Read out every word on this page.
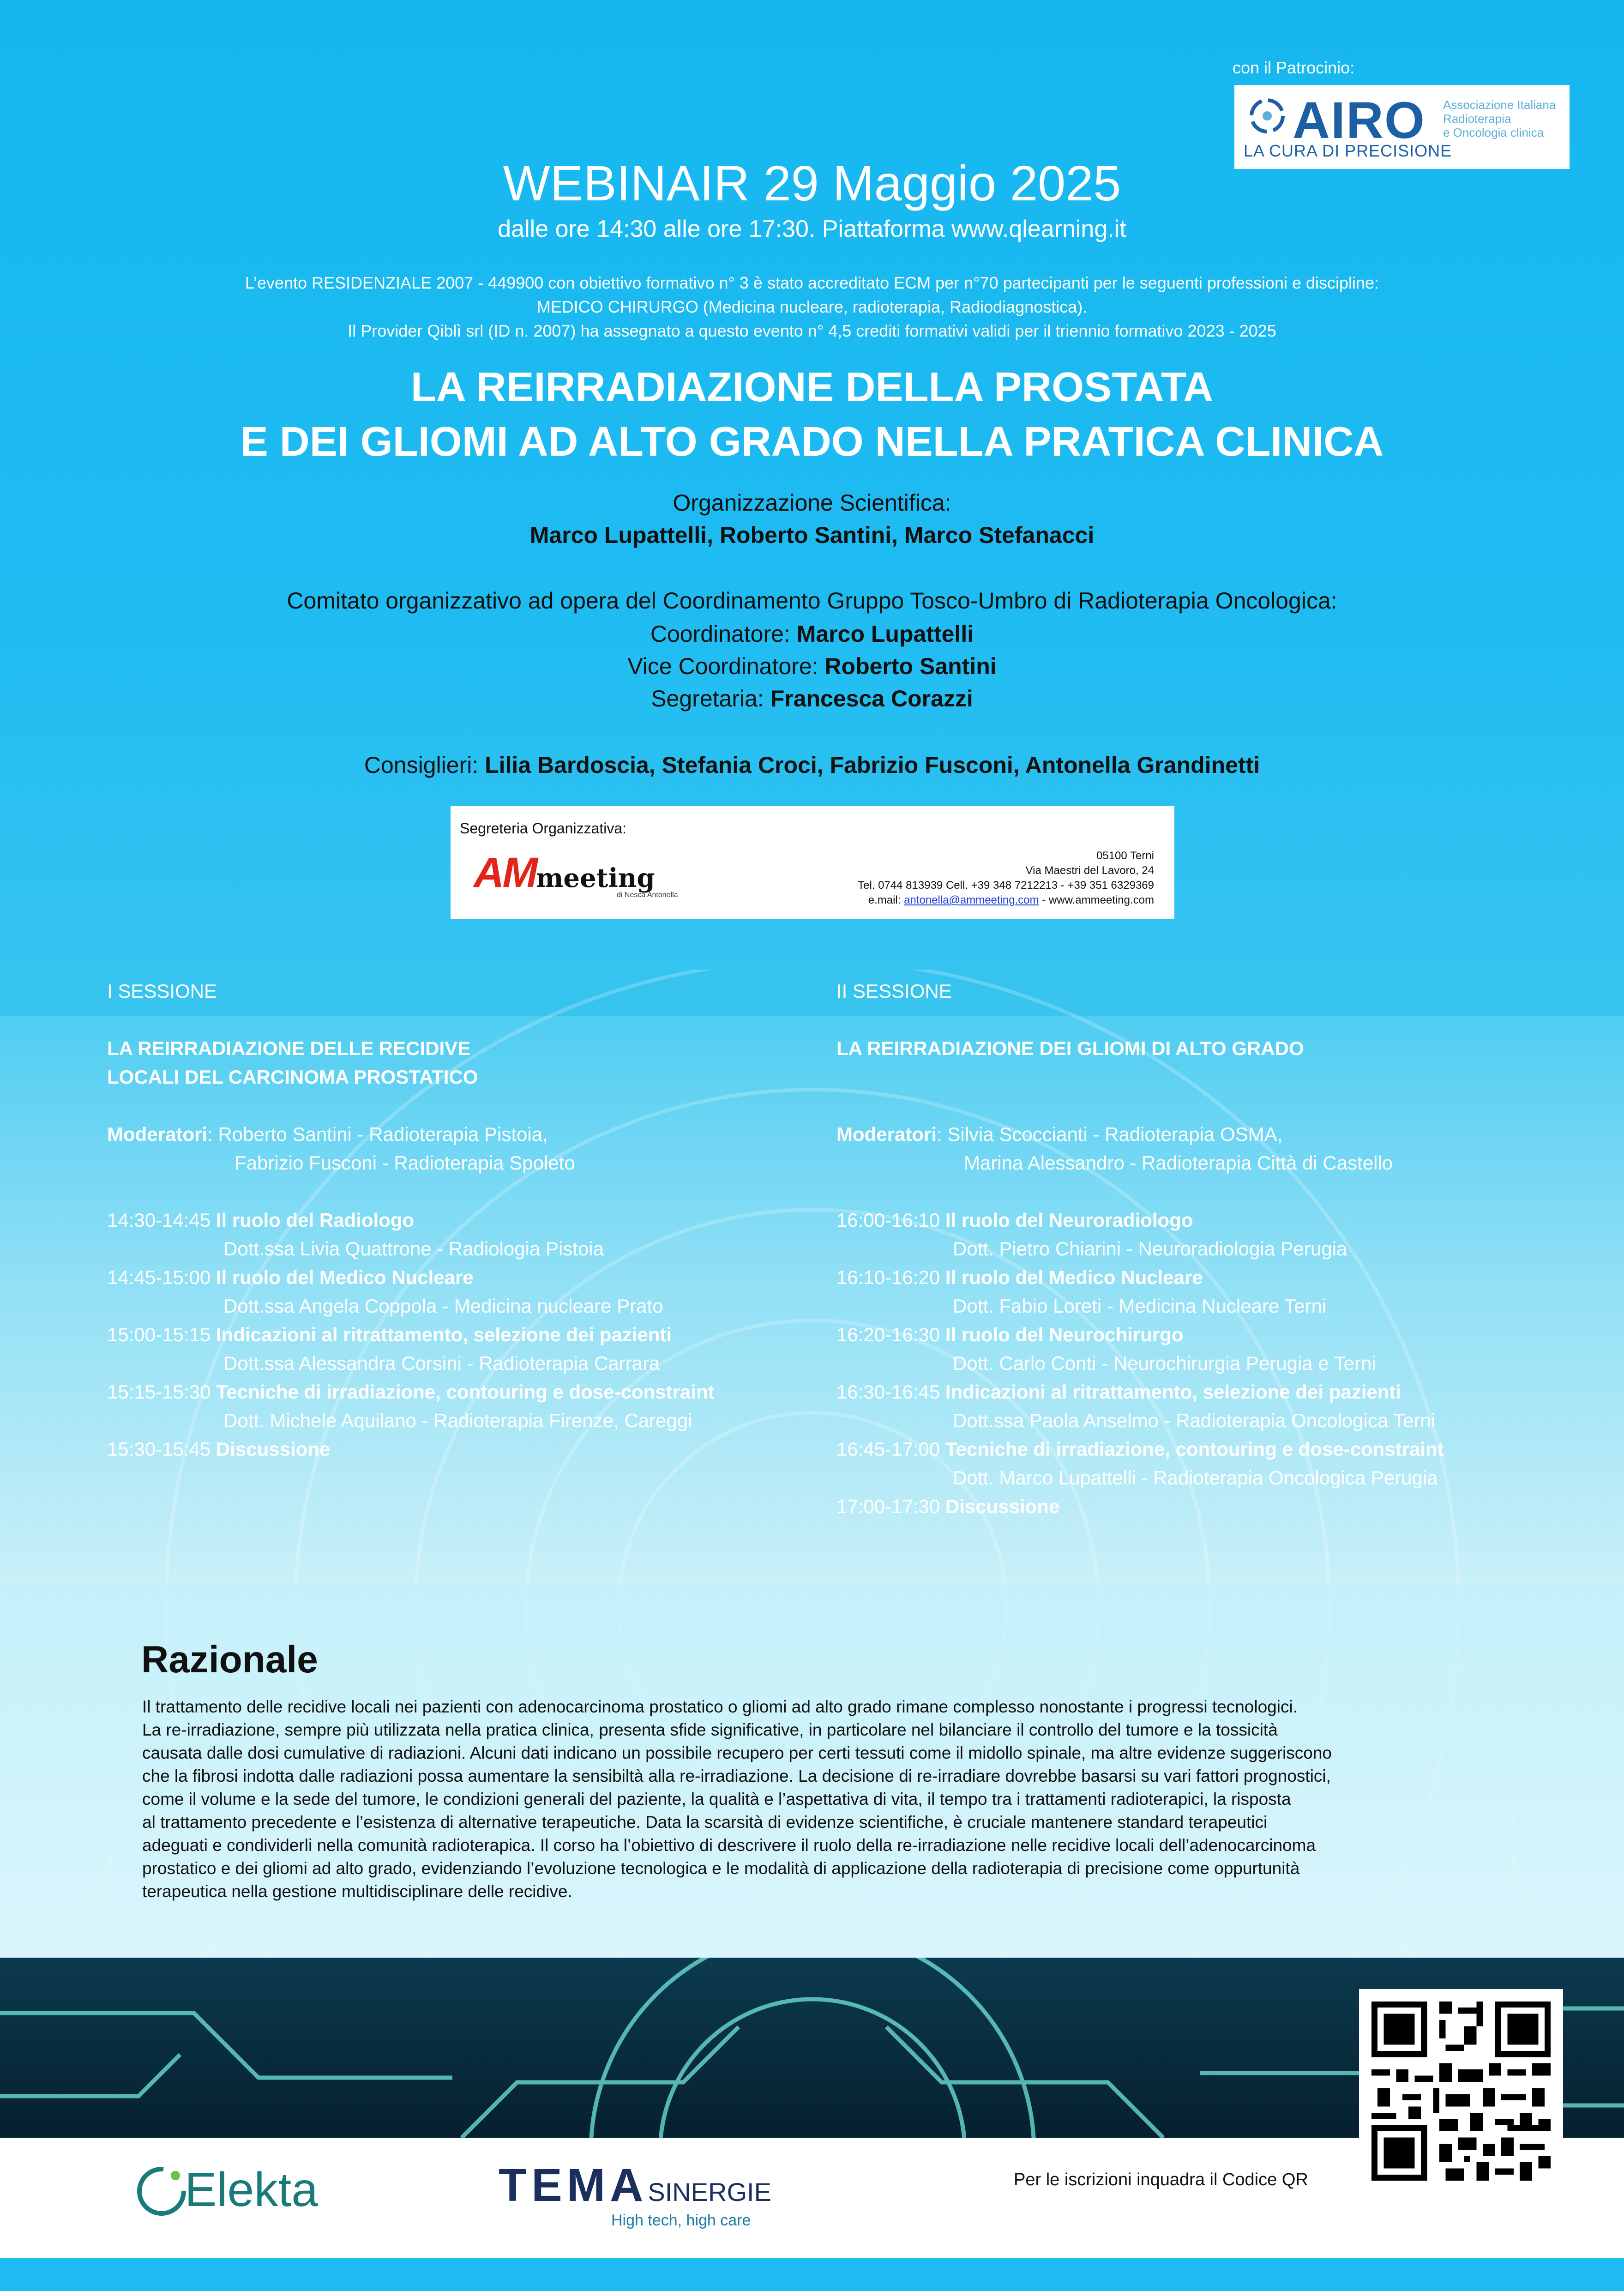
con il Patrocinio:
AIRO
LA CURA DI PRECISIONE
Associazione Italiana
Radioterapia
e Oncologia clinica
WEBINAIR 29 Maggio 2025
dalle ore 14:30 alle ore 17:30. Piattaforma www.qlearning.it
L’evento RESIDENZIALE 2007 - 449900 con obiettivo formativo n° 3 è stato accreditato ECM per n°70 partecipanti per le seguenti professioni e discipline:
MEDICO CHIRURGO (Medicina nucleare, radioterapia, Radiodiagnostica).
Il Provider Qiblì srl (ID n. 2007) ha assegnato a questo evento n° 4,5 crediti formativi validi per il triennio formativo 2023 - 2025
LA REIRRADIAZIONE DELLA PROSTATA
E DEI GLIOMI AD ALTO GRADO NELLA PRATICA CLINICA
Organizzazione Scientifica:
Marco Lupattelli, Roberto Santini, Marco Stefanacci
Comitato organizzativo ad opera del Coordinamento Gruppo Tosco-Umbro di Radioterapia Oncologica:
Coordinatore: Marco Lupattelli
Vice Coordinatore: Roberto Santini
Segretaria: Francesca Corazzi
Consiglieri: Lilia Bardoscia, Stefania Croci, Fabrizio Fusconi, Antonella Grandinetti
Segreteria Organizzativa:
AMmeeting
di Nesca Antonella
05100 Terni
Via Maestri del Lavoro, 24
Tel. 0744 813939 Cell. +39 348 7212213 - +39 351 6329369
e.mail: antonella@ammeeting.com - www.ammeeting.com
I SESSIONE
LA REIRRADIAZIONE DELLE RECIDIVE
LOCALI DEL CARCINOMA PROSTATICO
Moderatori: Roberto Santini - Radioterapia Pistoia,
Fabrizio Fusconi - Radioterapia Spoleto
14:30-14:45 Il ruolo del Radiologo
Dott.ssa Livia Quattrone - Radiologia Pistoia
14:45-15:00 Il ruolo del Medico Nucleare
Dott.ssa Angela Coppola - Medicina nucleare Prato
15:00-15:15 Indicazioni al ritrattamento, selezione dei pazienti
Dott.ssa Alessandra Corsini - Radioterapia Carrara
15:15-15:30 Tecniche di irradiazione, contouring e dose-constraint
Dott. Michele Aquilano - Radioterapia Firenze, Careggi
15:30-15:45 Discussione
II SESSIONE
LA REIRRADIAZIONE DEI GLIOMI DI ALTO GRADO
Moderatori: Silvia Scoccianti - Radioterapia OSMA,
Marina Alessandro - Radioterapia Città di Castello
16:00-16:10 Il ruolo del Neuroradiologo
Dott. Pietro Chiarini - Neuroradiologia Perugia
16:10-16:20 Il ruolo del Medico Nucleare
Dott. Fabio Loreti - Medicina Nucleare Terni
16:20-16:30 Il ruolo del Neurochirurgo
Dott. Carlo Conti - Neurochirurgia Perugia e Terni
16:30-16:45 Indicazioni al ritrattamento, selezione dei pazienti
Dott.ssa Paola Anselmo - Radioterapia Oncologica Terni
16:45-17:00 Tecniche di irradiazione, contouring e dose-constraint
Dott. Marco Lupattelli - Radioterapia Oncologica Perugia
17:00-17:30 Discussione
Razionale
Il trattamento delle recidive locali nei pazienti con adenocarcinoma prostatico o gliomi ad alto grado rimane complesso nonostante i progressi tecnologici.
La re-irradiazione, sempre più utilizzata nella pratica clinica, presenta sfide significative, in particolare nel bilanciare il controllo del tumore e la tossicità
causata dalle dosi cumulative di radiazioni. Alcuni dati indicano un possibile recupero per certi tessuti come il midollo spinale, ma altre evidenze suggeriscono
che la fibrosi indotta dalle radiazioni possa aumentare la sensibiltà alla re-irradiazione. La decisione di re-irradiare dovrebbe basarsi su vari fattori prognostici,
come il volume e la sede del tumore, le condizioni generali del paziente, la qualità e l’aspettativa di vita, il tempo tra i trattamenti radioterapici, la risposta
al trattamento precedente e l’esistenza di alternative terapeutiche. Data la scarsità di evidenze scientifiche, è cruciale mantenere standard terapeutici
adeguati e condividerli nella comunità radioterapica. Il corso ha l’obiettivo di descrivere il ruolo della re-irradiazione nelle recidive locali dell’adenocarcinoma
prostatico e dei gliomi ad alto grado, evidenziando l’evoluzione tecnologica e le modalità di applicazione della radioterapia di precisione come oppurtunità
terapeutica nella gestione multidisciplinare delle recidive.
Per le iscrizioni inquadra il Codice QR
Elekta	TEMASINERGIE
High tech, high care
